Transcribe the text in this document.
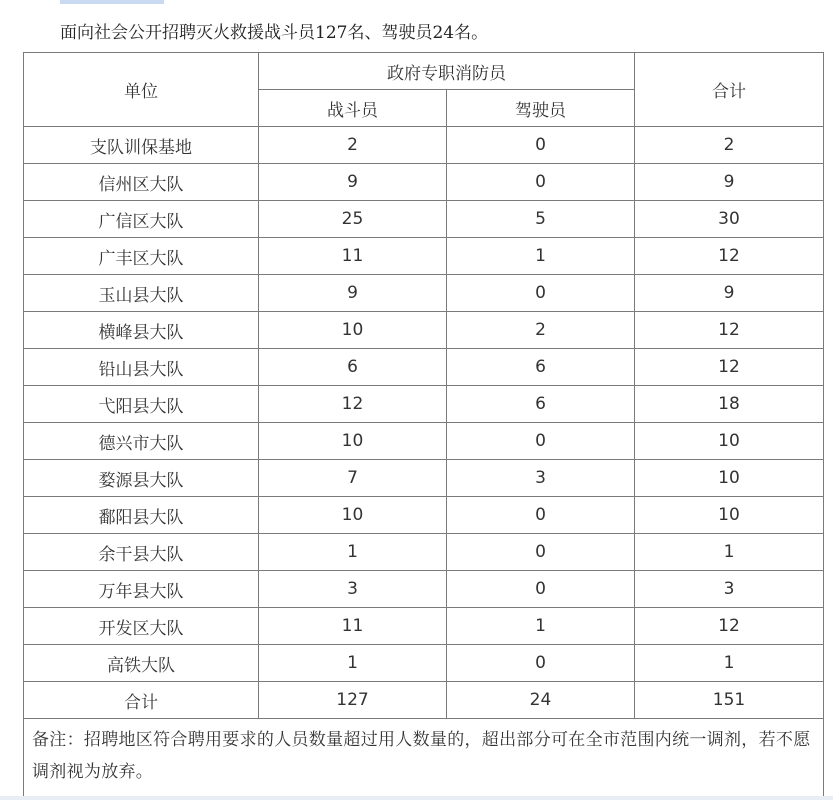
面向社会公开招聘灭火救援战斗员127名、驾驶员24名。
单位	政府专职消防员		合计
	战斗员	驾驶员	
支队训保基地	2	0	2
信州区大队	9	0	9
广信区大队	25	5	30
广丰区大队	11	1	12
玉山县大队	9	0	9
横峰县大队	10	2	12
铅山县大队	6	6	12
弋阳县大队	12	6	18
德兴市大队	10	0	10
婺源县大队	7	3	10
鄱阳县大队	10	0	10
余干县大队	1	0	1
万年县大队	3	0	3
开发区大队	11	1	12
高铁大队	1	0	1
合计	127	24	151
备注：招聘地区符合聘用要求的人员数量超过用人数量的，超出部分可在全市范围内统一调剂，若不愿调剂视为放弃。			
